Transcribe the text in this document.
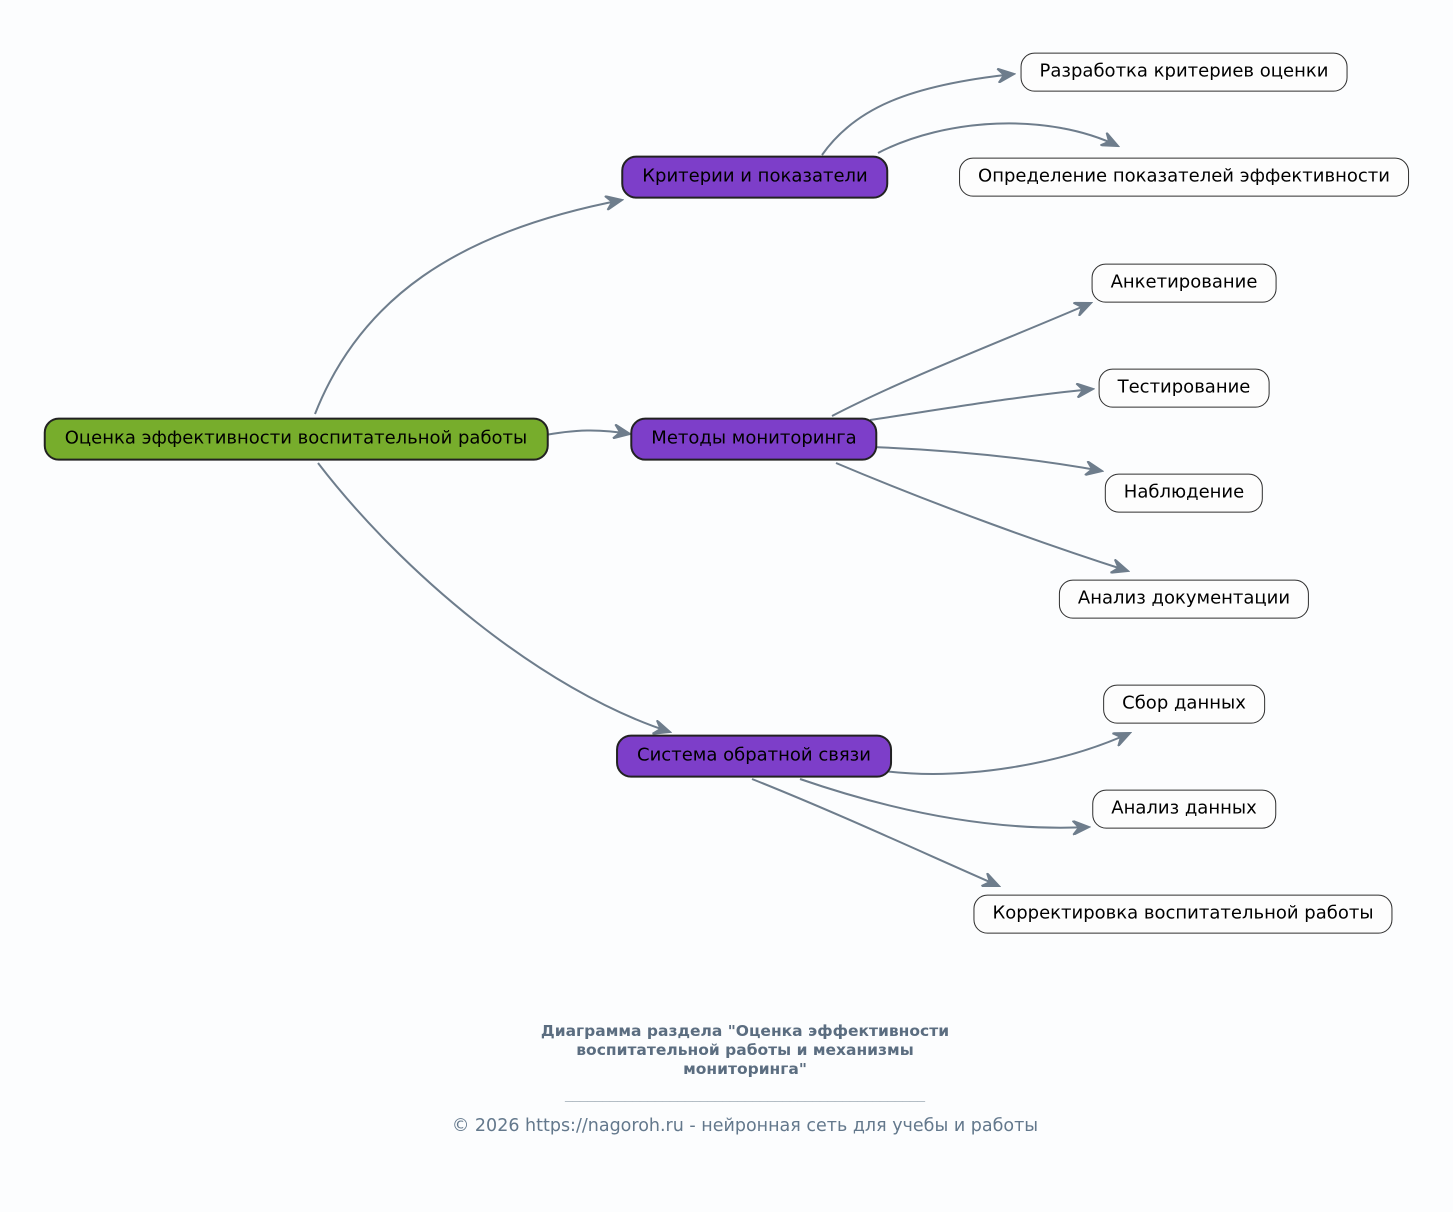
Оценка эффективности воспитательной работы
Критерии и показатели
Методы мониторинга
Система обратной связи
Разработка критериев оценки
Определение показателей эффективности
Анкетирование
Тестирование
Наблюдение
Анализ документации
Сбор данных
Анализ данных
Корректировка воспитательной работы
Диаграмма раздела "Оценка эффективности
воспитательной работы и механизмы
мониторинга"
________________________________________________
© 2026 https://nagoroh.ru - нейронная сеть для учебы и работы
